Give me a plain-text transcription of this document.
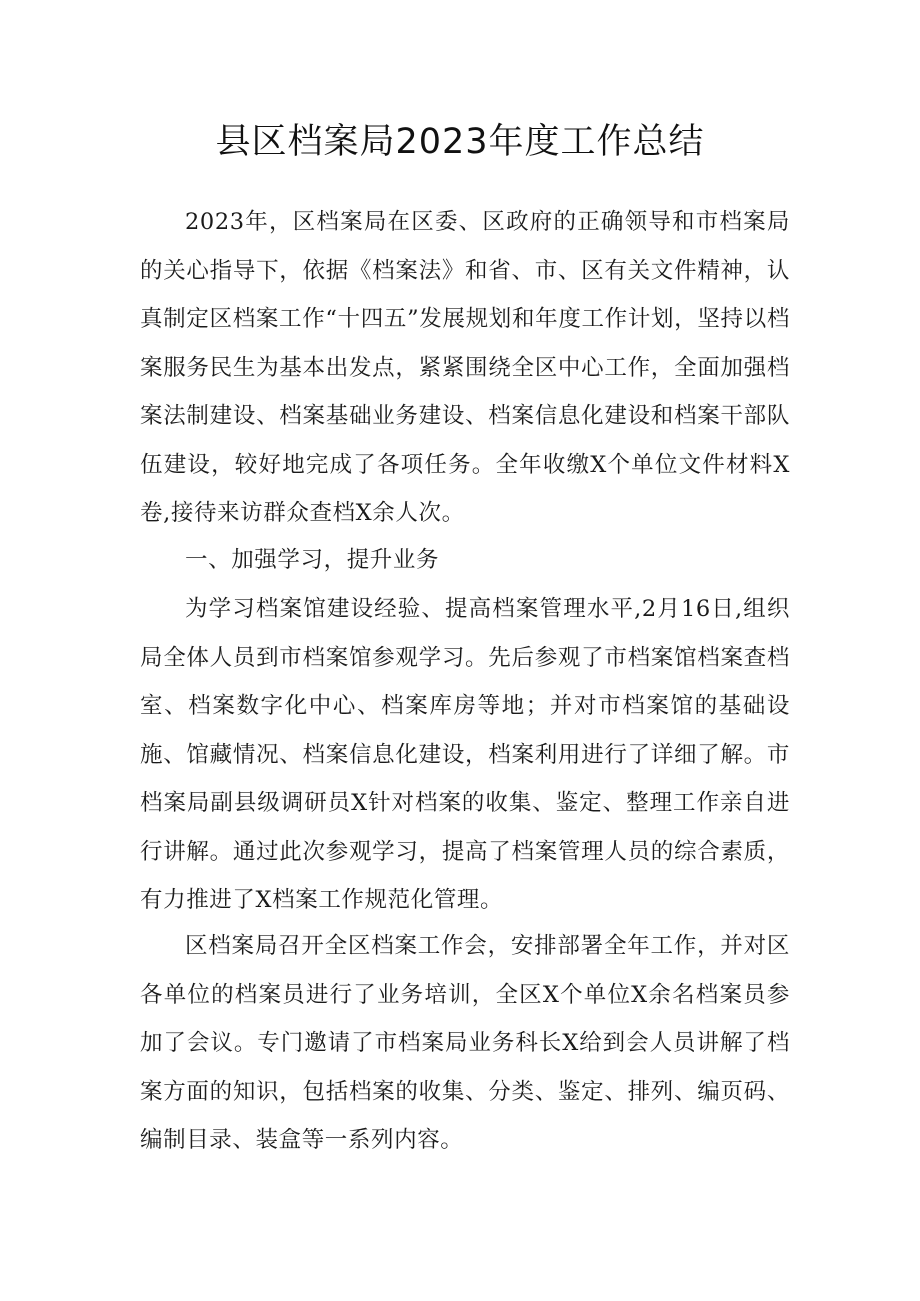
县区档案局2023年度工作总结

2023年，区档案局在区委、区政府的正确领导和市档案局的关心指导下，依据《档案法》和省、市、区有关文件精神，认真制定区档案工作“十四五”发展规划和年度工作计划，坚持以档案服务民生为基本出发点，紧紧围绕全区中心工作，全面加强档案法制建设、档案基础业务建设、档案信息化建设和档案干部队伍建设，较好地完成了各项任务。全年收缴X个单位文件材料X卷,接待来访群众查档X余人次。

一、加强学习，提升业务

为学习档案馆建设经验、提高档案管理水平,2月16日,组织局全体人员到市档案馆参观学习。先后参观了市档案馆档案查档室、档案数字化中心、档案库房等地；并对市档案馆的基础设施、馆藏情况、档案信息化建设，档案利用进行了详细了解。市档案局副县级调研员X针对档案的收集、鉴定、整理工作亲自进行讲解。通过此次参观学习，提高了档案管理人员的综合素质，有力推进了X档案工作规范化管理。

区档案局召开全区档案工作会，安排部署全年工作，并对区各单位的档案员进行了业务培训，全区X个单位X余名档案员参加了会议。专门邀请了市档案局业务科长X给到会人员讲解了档案方面的知识，包括档案的收集、分类、鉴定、排列、编页码、编制目录、装盒等一系列内容。
